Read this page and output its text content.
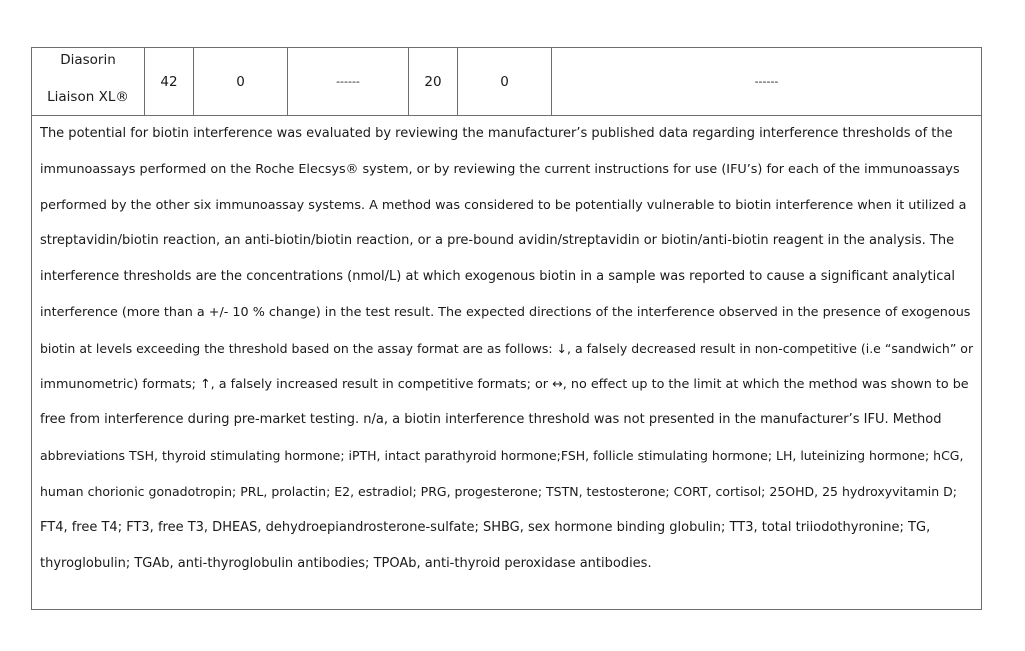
Diasorin
Liaison XL®
42	0	------	20	0	------
The potential for biotin interference was evaluated by reviewing the manufacturer’s published data regarding interference thresholds of the
immunoassays performed on the Roche Elecsys® system, or by reviewing the current instructions for use (IFU’s) for each of the immunoassays
performed by the other six immunoassay systems. A method was considered to be potentially vulnerable to biotin interference when it utilized a
streptavidin/biotin reaction, an anti-biotin/biotin reaction, or a pre-bound avidin/streptavidin or biotin/anti-biotin reagent in the analysis. The
interference thresholds are the concentrations (nmol/L) at which exogenous biotin in a sample was reported to cause a significant analytical
interference (more than a +/- 10 % change) in the test result. The expected directions of the interference observed in the presence of exogenous
biotin at levels exceeding the threshold based on the assay format are as follows: ↓, a falsely decreased result in non-competitive (i.e “sandwich” or
immunometric) formats; ↑, a falsely increased result in competitive formats; or ↔, no effect up to the limit at which the method was shown to be
free from interference during pre-market testing. n/a, a biotin interference threshold was not presented in the manufacturer’s IFU. Method
abbreviations TSH, thyroid stimulating hormone; iPTH, intact parathyroid hormone;FSH, follicle stimulating hormone; LH, luteinizing hormone; hCG,
human chorionic gonadotropin; PRL, prolactin; E2, estradiol; PRG, progesterone; TSTN, testosterone; CORT, cortisol; 25OHD, 25 hydroxyvitamin D;
FT4, free T4; FT3, free T3, DHEAS, dehydroepiandrosterone-sulfate; SHBG, sex hormone binding globulin; TT3, total triiodothyronine; TG,
thyroglobulin; TGAb, anti-thyroglobulin antibodies; TPOAb, anti-thyroid peroxidase antibodies.
